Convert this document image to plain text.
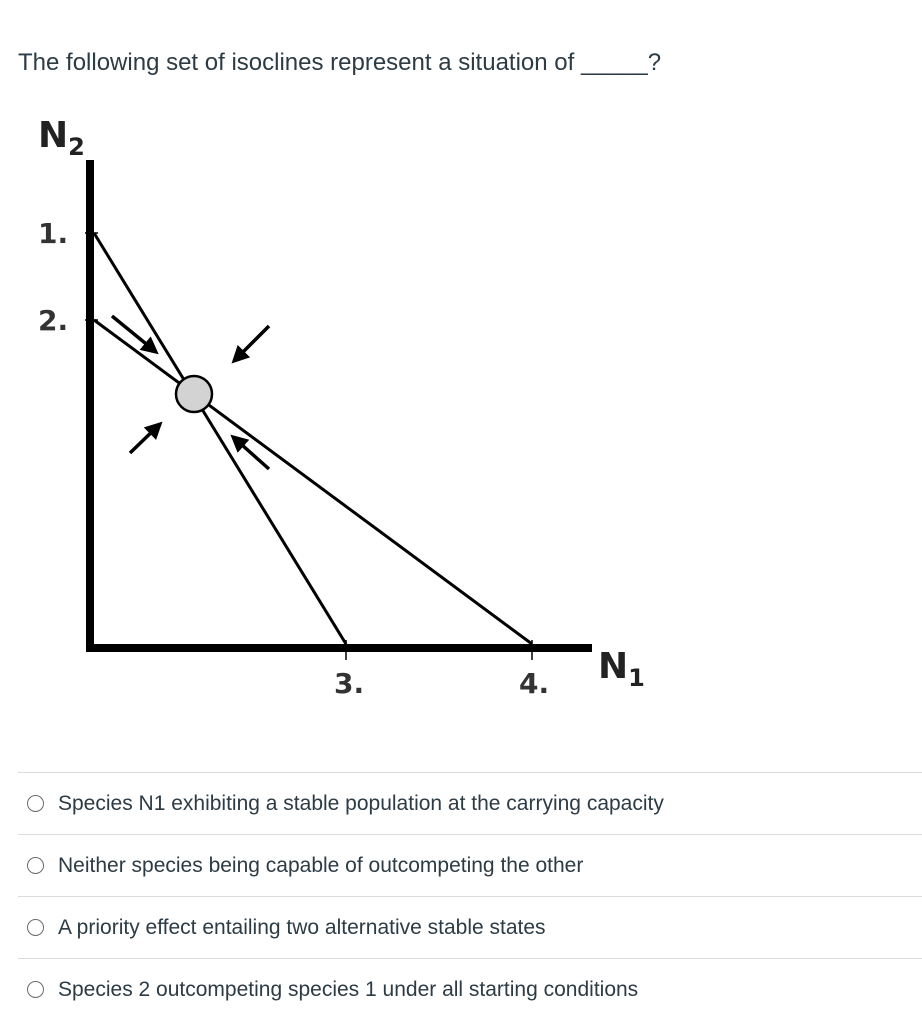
The following set of isoclines represent a situation of _____?
$N_2$
$N_1$
1.
2.
3.	4.
Species N1 exhibiting a stable population at the carrying capacity
Neither species being capable of outcompeting the other
A priority effect entailing two alternative stable states
Species 2 outcompeting species 1 under all starting conditions
